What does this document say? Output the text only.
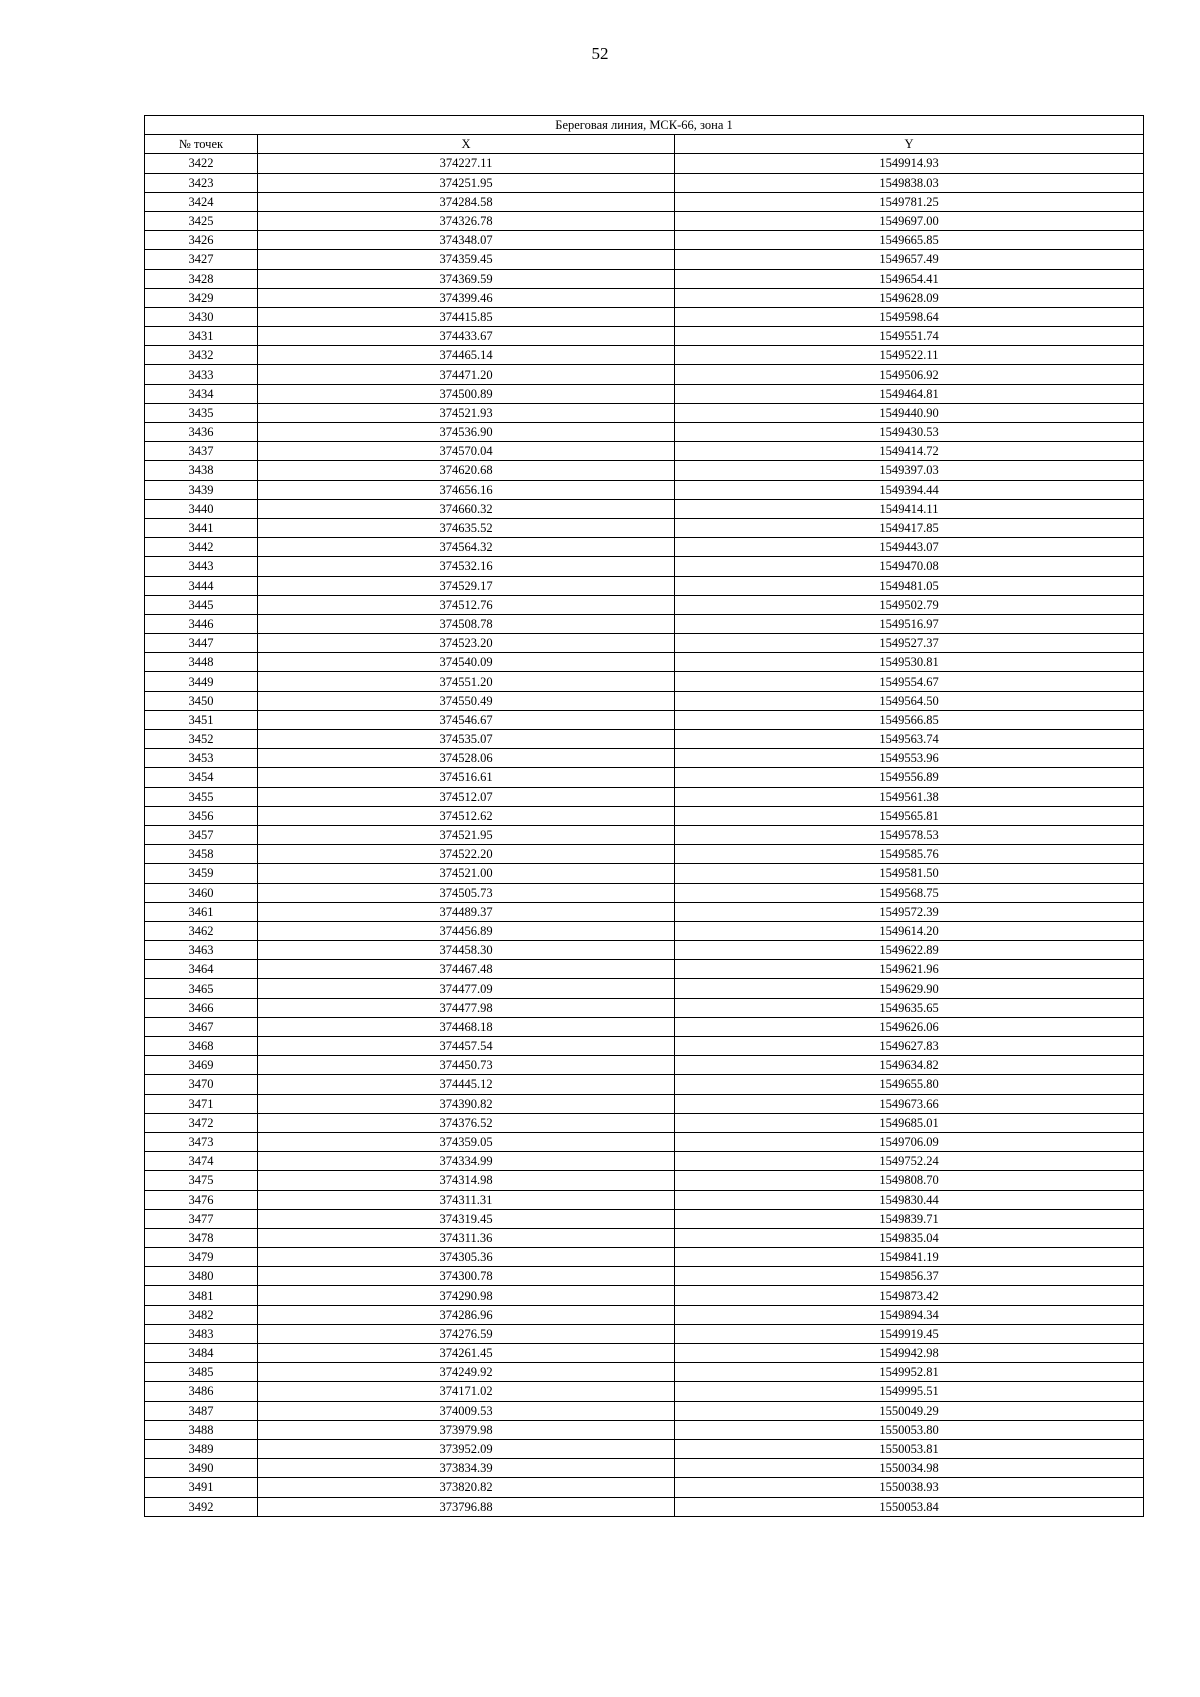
52
Береговая линия, МСК-66, зона 1		
№ точек	X	Y
3422	374227.11	1549914.93
3423	374251.95	1549838.03
3424	374284.58	1549781.25
3425	374326.78	1549697.00
3426	374348.07	1549665.85
3427	374359.45	1549657.49
3428	374369.59	1549654.41
3429	374399.46	1549628.09
3430	374415.85	1549598.64
3431	374433.67	1549551.74
3432	374465.14	1549522.11
3433	374471.20	1549506.92
3434	374500.89	1549464.81
3435	374521.93	1549440.90
3436	374536.90	1549430.53
3437	374570.04	1549414.72
3438	374620.68	1549397.03
3439	374656.16	1549394.44
3440	374660.32	1549414.11
3441	374635.52	1549417.85
3442	374564.32	1549443.07
3443	374532.16	1549470.08
3444	374529.17	1549481.05
3445	374512.76	1549502.79
3446	374508.78	1549516.97
3447	374523.20	1549527.37
3448	374540.09	1549530.81
3449	374551.20	1549554.67
3450	374550.49	1549564.50
3451	374546.67	1549566.85
3452	374535.07	1549563.74
3453	374528.06	1549553.96
3454	374516.61	1549556.89
3455	374512.07	1549561.38
3456	374512.62	1549565.81
3457	374521.95	1549578.53
3458	374522.20	1549585.76
3459	374521.00	1549581.50
3460	374505.73	1549568.75
3461	374489.37	1549572.39
3462	374456.89	1549614.20
3463	374458.30	1549622.89
3464	374467.48	1549621.96
3465	374477.09	1549629.90
3466	374477.98	1549635.65
3467	374468.18	1549626.06
3468	374457.54	1549627.83
3469	374450.73	1549634.82
3470	374445.12	1549655.80
3471	374390.82	1549673.66
3472	374376.52	1549685.01
3473	374359.05	1549706.09
3474	374334.99	1549752.24
3475	374314.98	1549808.70
3476	374311.31	1549830.44
3477	374319.45	1549839.71
3478	374311.36	1549835.04
3479	374305.36	1549841.19
3480	374300.78	1549856.37
3481	374290.98	1549873.42
3482	374286.96	1549894.34
3483	374276.59	1549919.45
3484	374261.45	1549942.98
3485	374249.92	1549952.81
3486	374171.02	1549995.51
3487	374009.53	1550049.29
3488	373979.98	1550053.80
3489	373952.09	1550053.81
3490	373834.39	1550034.98
3491	373820.82	1550038.93
3492	373796.88	1550053.84
